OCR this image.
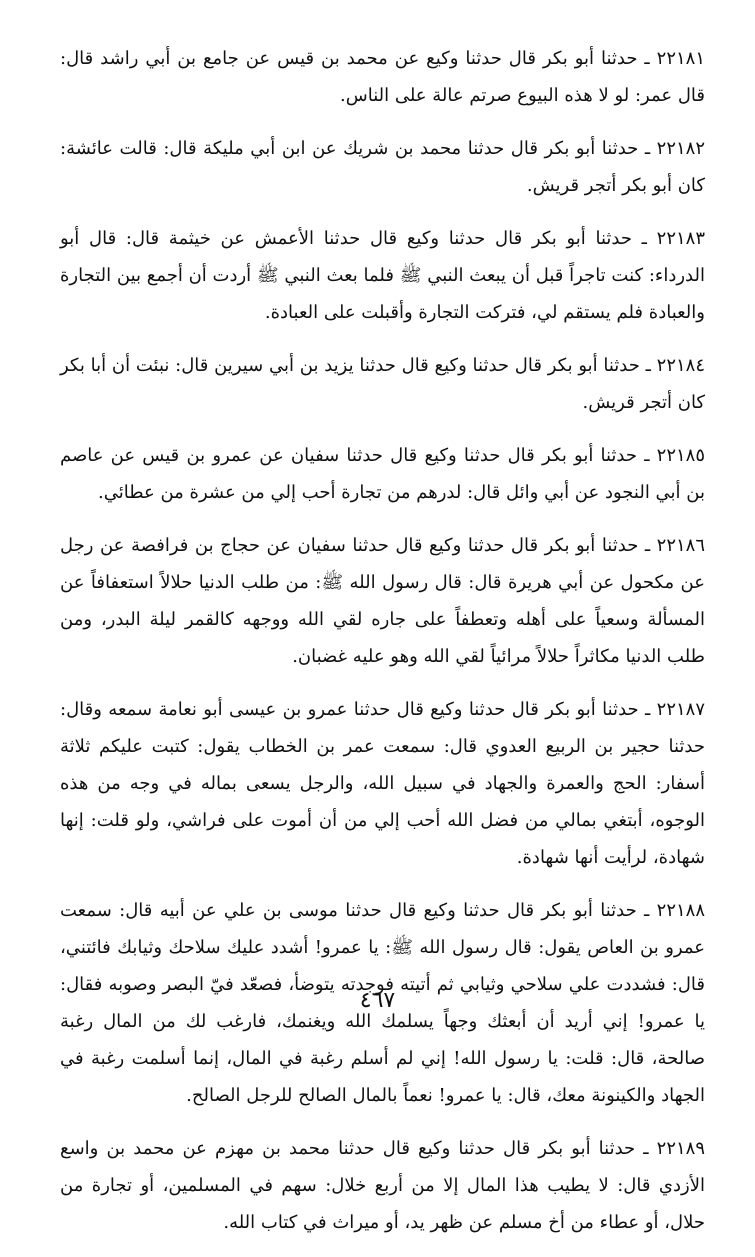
٢٢١٨١ ـ حدثنا أبو بكر قال حدثنا وكيع عن محمد بن قيس عن جامع بن أبي راشد قال: قال عمر: لو لا هذه البيوع صرتم عالة على الناس.

٢٢١٨٢ ـ حدثنا أبو بكر قال حدثنا محمد بن شريك عن ابن أبي مليكة قال: قالت عائشة: كان أبو بكر أتجر قريش.

٢٢١٨٣ ـ حدثنا أبو بكر قال حدثنا وكيع قال حدثنا الأعمش عن خيثمة قال: قال أبو الدرداء: كنت تاجراً قبل أن يبعث النبي ﷺ فلما بعث النبي ﷺ أردت أن أجمع بين التجارة والعبادة فلم يستقم لي، فتركت التجارة وأقبلت على العبادة.

٢٢١٨٤ ـ حدثنا أبو بكر قال حدثنا وكيع قال حدثنا يزيد بن أبي سيرين قال: نبئت أن أبا بكر كان أتجر قريش.

٢٢١٨٥ ـ حدثنا أبو بكر قال حدثنا وكيع قال حدثنا سفيان عن عمرو بن قيس عن عاصم بن أبي النجود عن أبي وائل قال: لدرهم من تجارة أحب إلي من عشرة من عطائي.

٢٢١٨٦ ـ حدثنا أبو بكر قال حدثنا وكيع قال حدثنا سفيان عن حجاج بن فرافصة عن رجل عن مكحول عن أبي هريرة قال: قال رسول الله ﷺ: من طلب الدنيا حلالاً استعفافاً عن المسألة وسعياً على أهله وتعطفاً على جاره لقي الله ووجهه كالقمر ليلة البدر، ومن طلب الدنيا مكاثراً حلالاً مرائياً لقي الله وهو عليه غضبان.

٢٢١٨٧ ـ حدثنا أبو بكر قال حدثنا وكيع قال حدثنا عمرو بن عيسى أبو نعامة سمعه وقال: حدثنا حجير بن الربيع العدوي قال: سمعت عمر بن الخطاب يقول: كتبت عليكم ثلاثة أسفار: الحج والعمرة والجهاد في سبيل الله، والرجل يسعى بماله في وجه من هذه الوجوه، أبتغي بمالي من فضل الله أحب إلي من أن أموت على فراشي، ولو قلت: إنها شهادة، لرأيت أنها شهادة.

٢٢١٨٨ ـ حدثنا أبو بكر قال حدثنا وكيع قال حدثنا موسى بن علي عن أبيه قال: سمعت عمرو بن العاص يقول: قال رسول الله ﷺ: يا عمرو! أشدد عليك سلاحك وثيابك فائتني، قال: فشددت علي سلاحي وثيابي ثم أتيته فوجدته يتوضأ، فصعّد فيّ البصر وصوبه فقال: يا عمرو! إني أريد أن أبعثك وجهاً يسلمك الله ويغنمك، فارغب لك من المال رغبة صالحة، قال: قلت: يا رسول الله! إني لم أسلم رغبة في المال، إنما أسلمت رغبة في الجهاد والكينونة معك، قال: يا عمرو! نعماً بالمال الصالح للرجل الصالح.

٢٢١٨٩ ـ حدثنا أبو بكر قال حدثنا وكيع قال حدثنا محمد بن مهزم عن محمد بن واسع الأزدي قال: لا يطيب هذا المال إلا من أربع خلال: سهم في المسلمين، أو تجارة من حلال، أو عطاء من أخ مسلم عن ظهر يد، أو ميراث في كتاب الله.

٤٦٧
